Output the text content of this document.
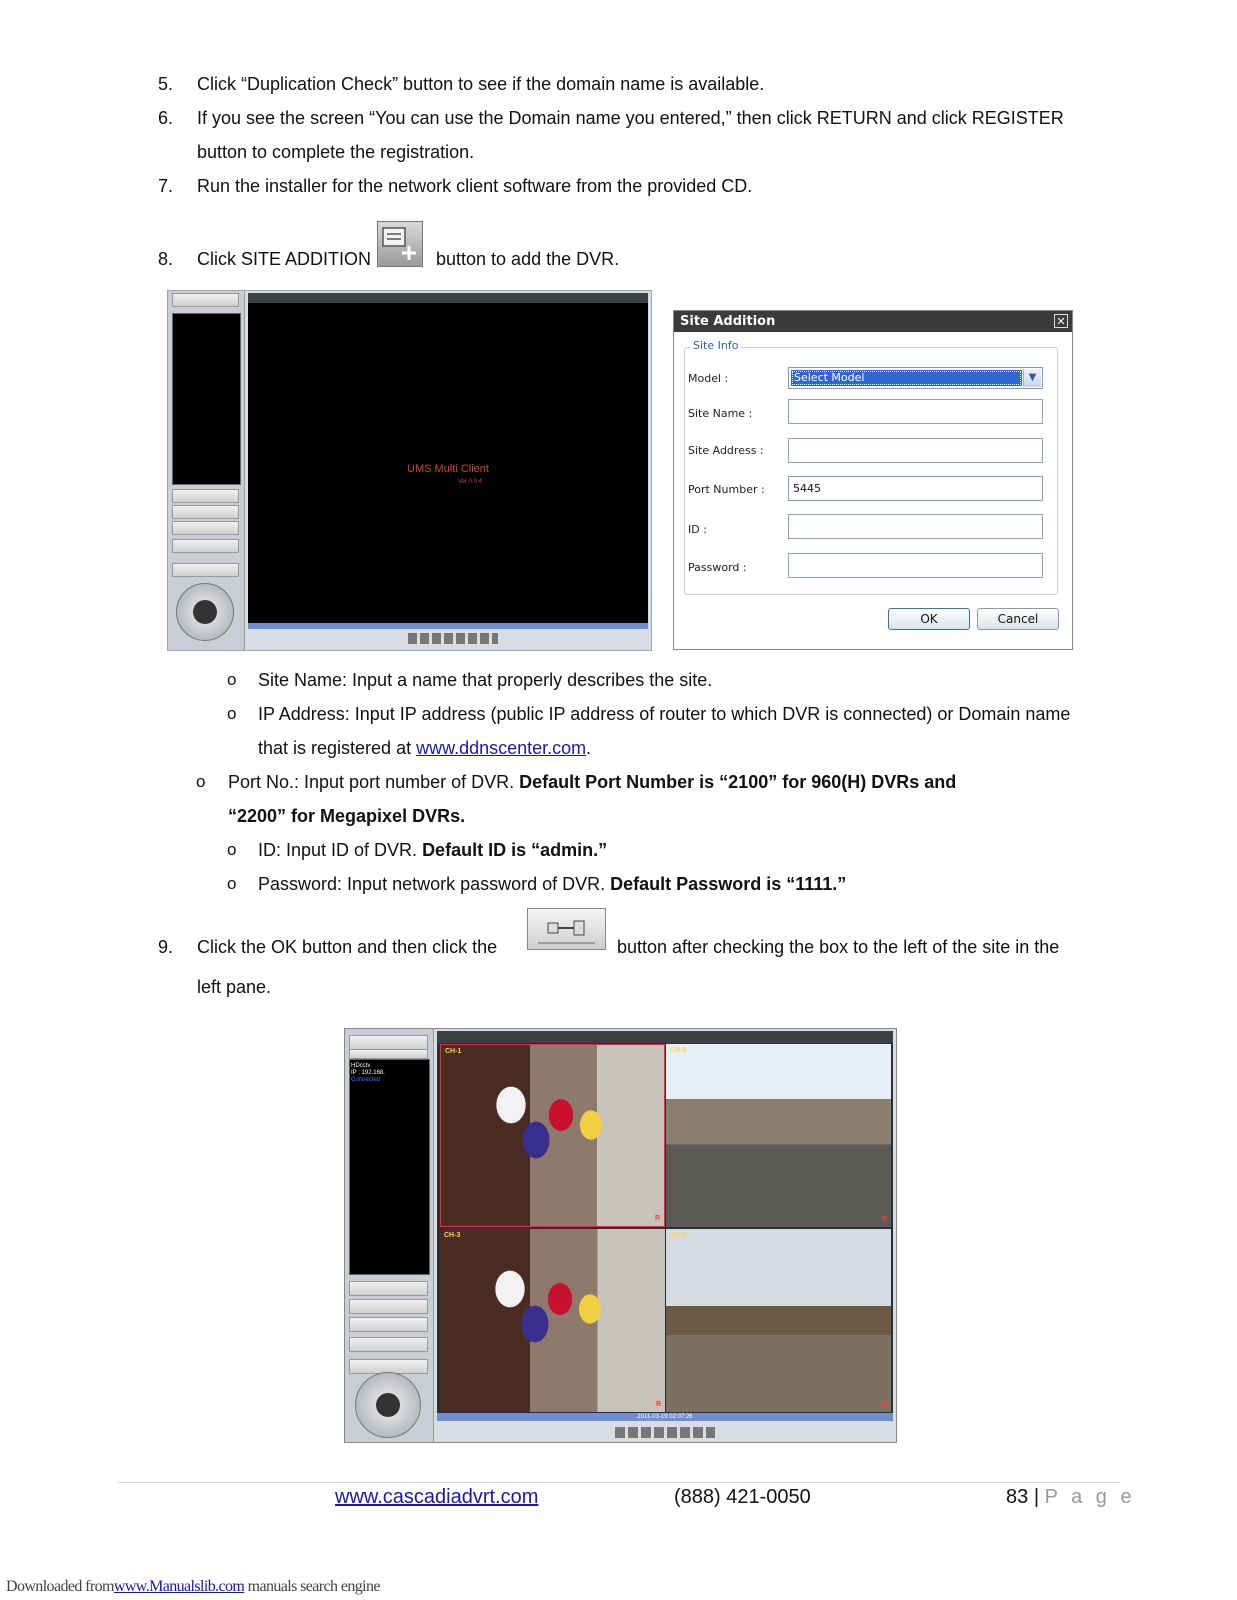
5. Click “Duplication Check” button to see if the domain name is available.
6. If you see the screen “You can use the Domain name you entered,” then click RETURN and click REGISTER
button to complete the registration.
7. Run the installer for the network client software from the provided CD.
8. Click SITE ADDITION	button to add the DVR.
UMS Multi Client
Ver 0.0.4
Site Addition	✕
Site Info
Model :	Select Model	▼
Site Name :
Site Address :
Port Number :	5445
ID :
Password :
OK	Cancel
o Site Name: Input a name that properly describes the site.
o IP Address: Input IP address (public IP address of router to which DVR is connected) or Domain name
that is registered at www.ddnscenter.com.
o Port No.: Input port number of DVR. Default Port Number is “2100” for 960(H) DVRs and
“2200” for Megapixel DVRs.
o ID: Input ID of DVR. Default ID is “admin.”
o Password: Input network password of DVR. Default Password is “1111.”
9. Click the OK button and then click the	button after checking the box to the left of the site in the
left pane.
HDcctv
IP : 192.168.
Connected
CH-1
R
CH-2
R
CH-3
R
CH-4
R
2011-03-19 02:07:26
www.cascadiadvrt.com	(888) 421-0050	83 | P a g e
Downloaded fromwww.Manualslib.com manuals search engine
